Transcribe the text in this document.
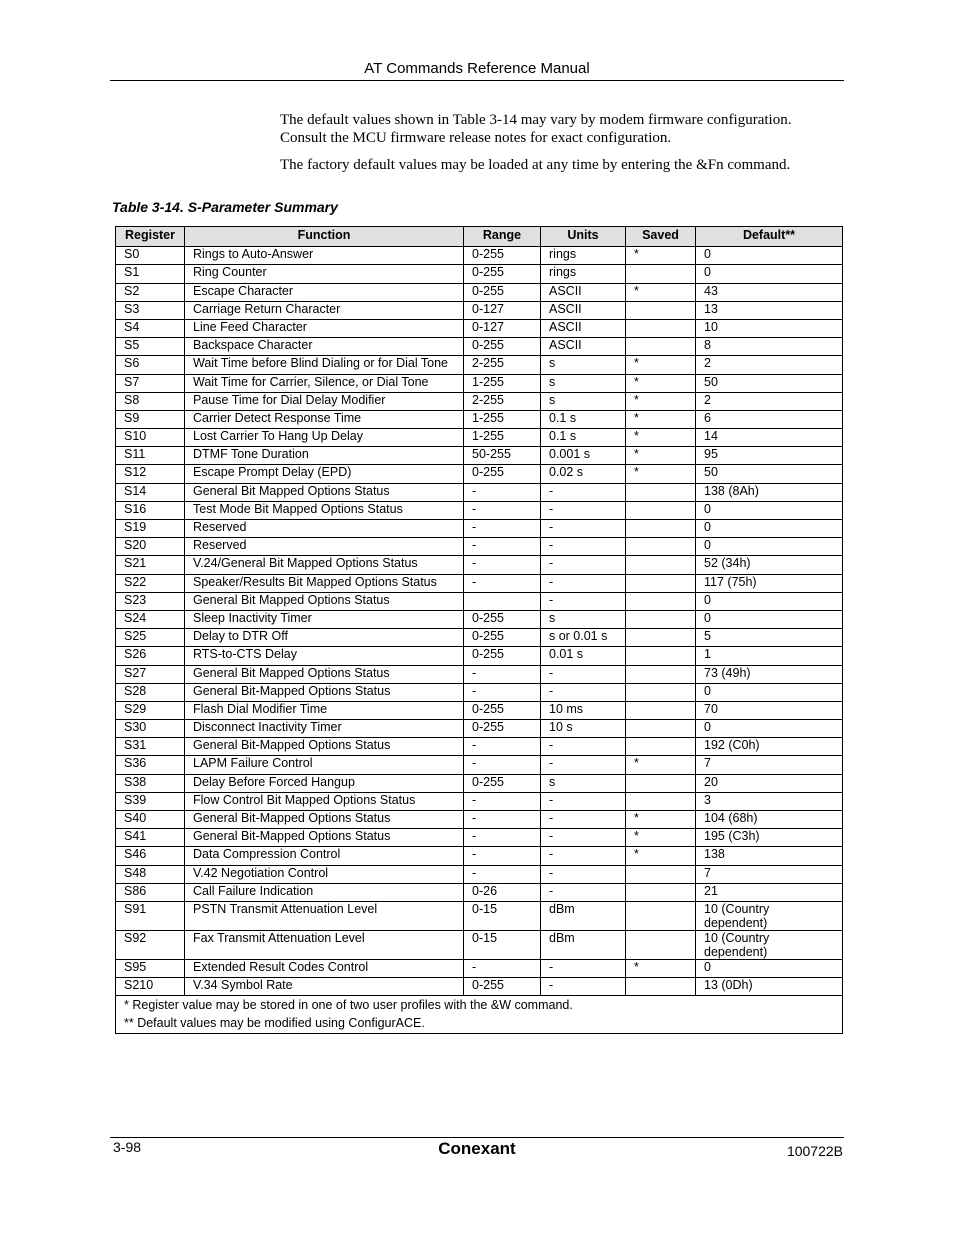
AT Commands Reference Manual

The default values shown in Table 3-14 may vary by modem firmware configuration. Consult the MCU firmware release notes for exact configuration.

The factory default values may be loaded at any time by entering the &Fn command.

Table 3-14. S-Parameter Summary
Register	Function	Range	Units	Saved	Default**
S0	Rings to Auto-Answer	0-255	rings	*	0
S1	Ring Counter	0-255	rings		0
S2	Escape Character	0-255	ASCII	*	43
S3	Carriage Return Character	0-127	ASCII		13
S4	Line Feed Character	0-127	ASCII		10
S5	Backspace Character	0-255	ASCII		8
S6	Wait Time before Blind Dialing or for Dial Tone	2-255	s	*	2
S7	Wait Time for Carrier, Silence, or Dial Tone	1-255	s	*	50
S8	Pause Time for Dial Delay Modifier	2-255	s	*	2
S9	Carrier Detect Response Time	1-255	0.1 s	*	6
S10	Lost Carrier To Hang Up Delay	1-255	0.1 s	*	14
S11	DTMF Tone Duration	50-255	0.001 s	*	95
S12	Escape Prompt Delay (EPD)	0-255	0.02 s	*	50
S14	General Bit Mapped Options Status	-	-		138 (8Ah)
S16	Test Mode Bit Mapped Options Status	-	-		0
S19	Reserved	-	-		0
S20	Reserved	-	-		0
S21	V.24/General Bit Mapped Options Status	-	-		52 (34h)
S22	Speaker/Results Bit Mapped Options Status	-	-		117 (75h)
S23	General Bit Mapped Options Status		-		0
S24	Sleep Inactivity Timer	0-255	s		0
S25	Delay to DTR Off	0-255	s or 0.01 s		5
S26	RTS-to-CTS Delay	0-255	0.01 s		1
S27	General Bit Mapped Options Status	-	-		73 (49h)
S28	General Bit-Mapped Options Status	-	-		0
S29	Flash Dial Modifier Time	0-255	10 ms		70
S30	Disconnect Inactivity Timer	0-255	10 s		0
S31	General Bit-Mapped Options Status	-	-		192 (C0h)
S36	LAPM Failure Control	-	-	*	7
S38	Delay Before Forced Hangup	0-255	s		20
S39	Flow Control Bit Mapped Options Status	-	-		3
S40	General Bit-Mapped Options Status	-	-	*	104 (68h)
S41	General Bit-Mapped Options Status	-	-	*	195 (C3h)
S46	Data Compression Control	-	-	*	138
S48	V.42 Negotiation Control	-	-		7
S86	Call Failure Indication	0-26	-		21
S91	PSTN Transmit Attenuation Level	0-15	dBm		10 (Country dependent)
S92	Fax Transmit Attenuation Level	0-15	dBm		10 (Country dependent)
S95	Extended Result Codes Control	-	-	*	0
S210	V.34 Symbol Rate	0-255	-		13 (0Dh)

* Register value may be stored in one of two user profiles with the &W command.
** Default values may be modified using ConfigurACE.					
3-98	Conexant	100722B
